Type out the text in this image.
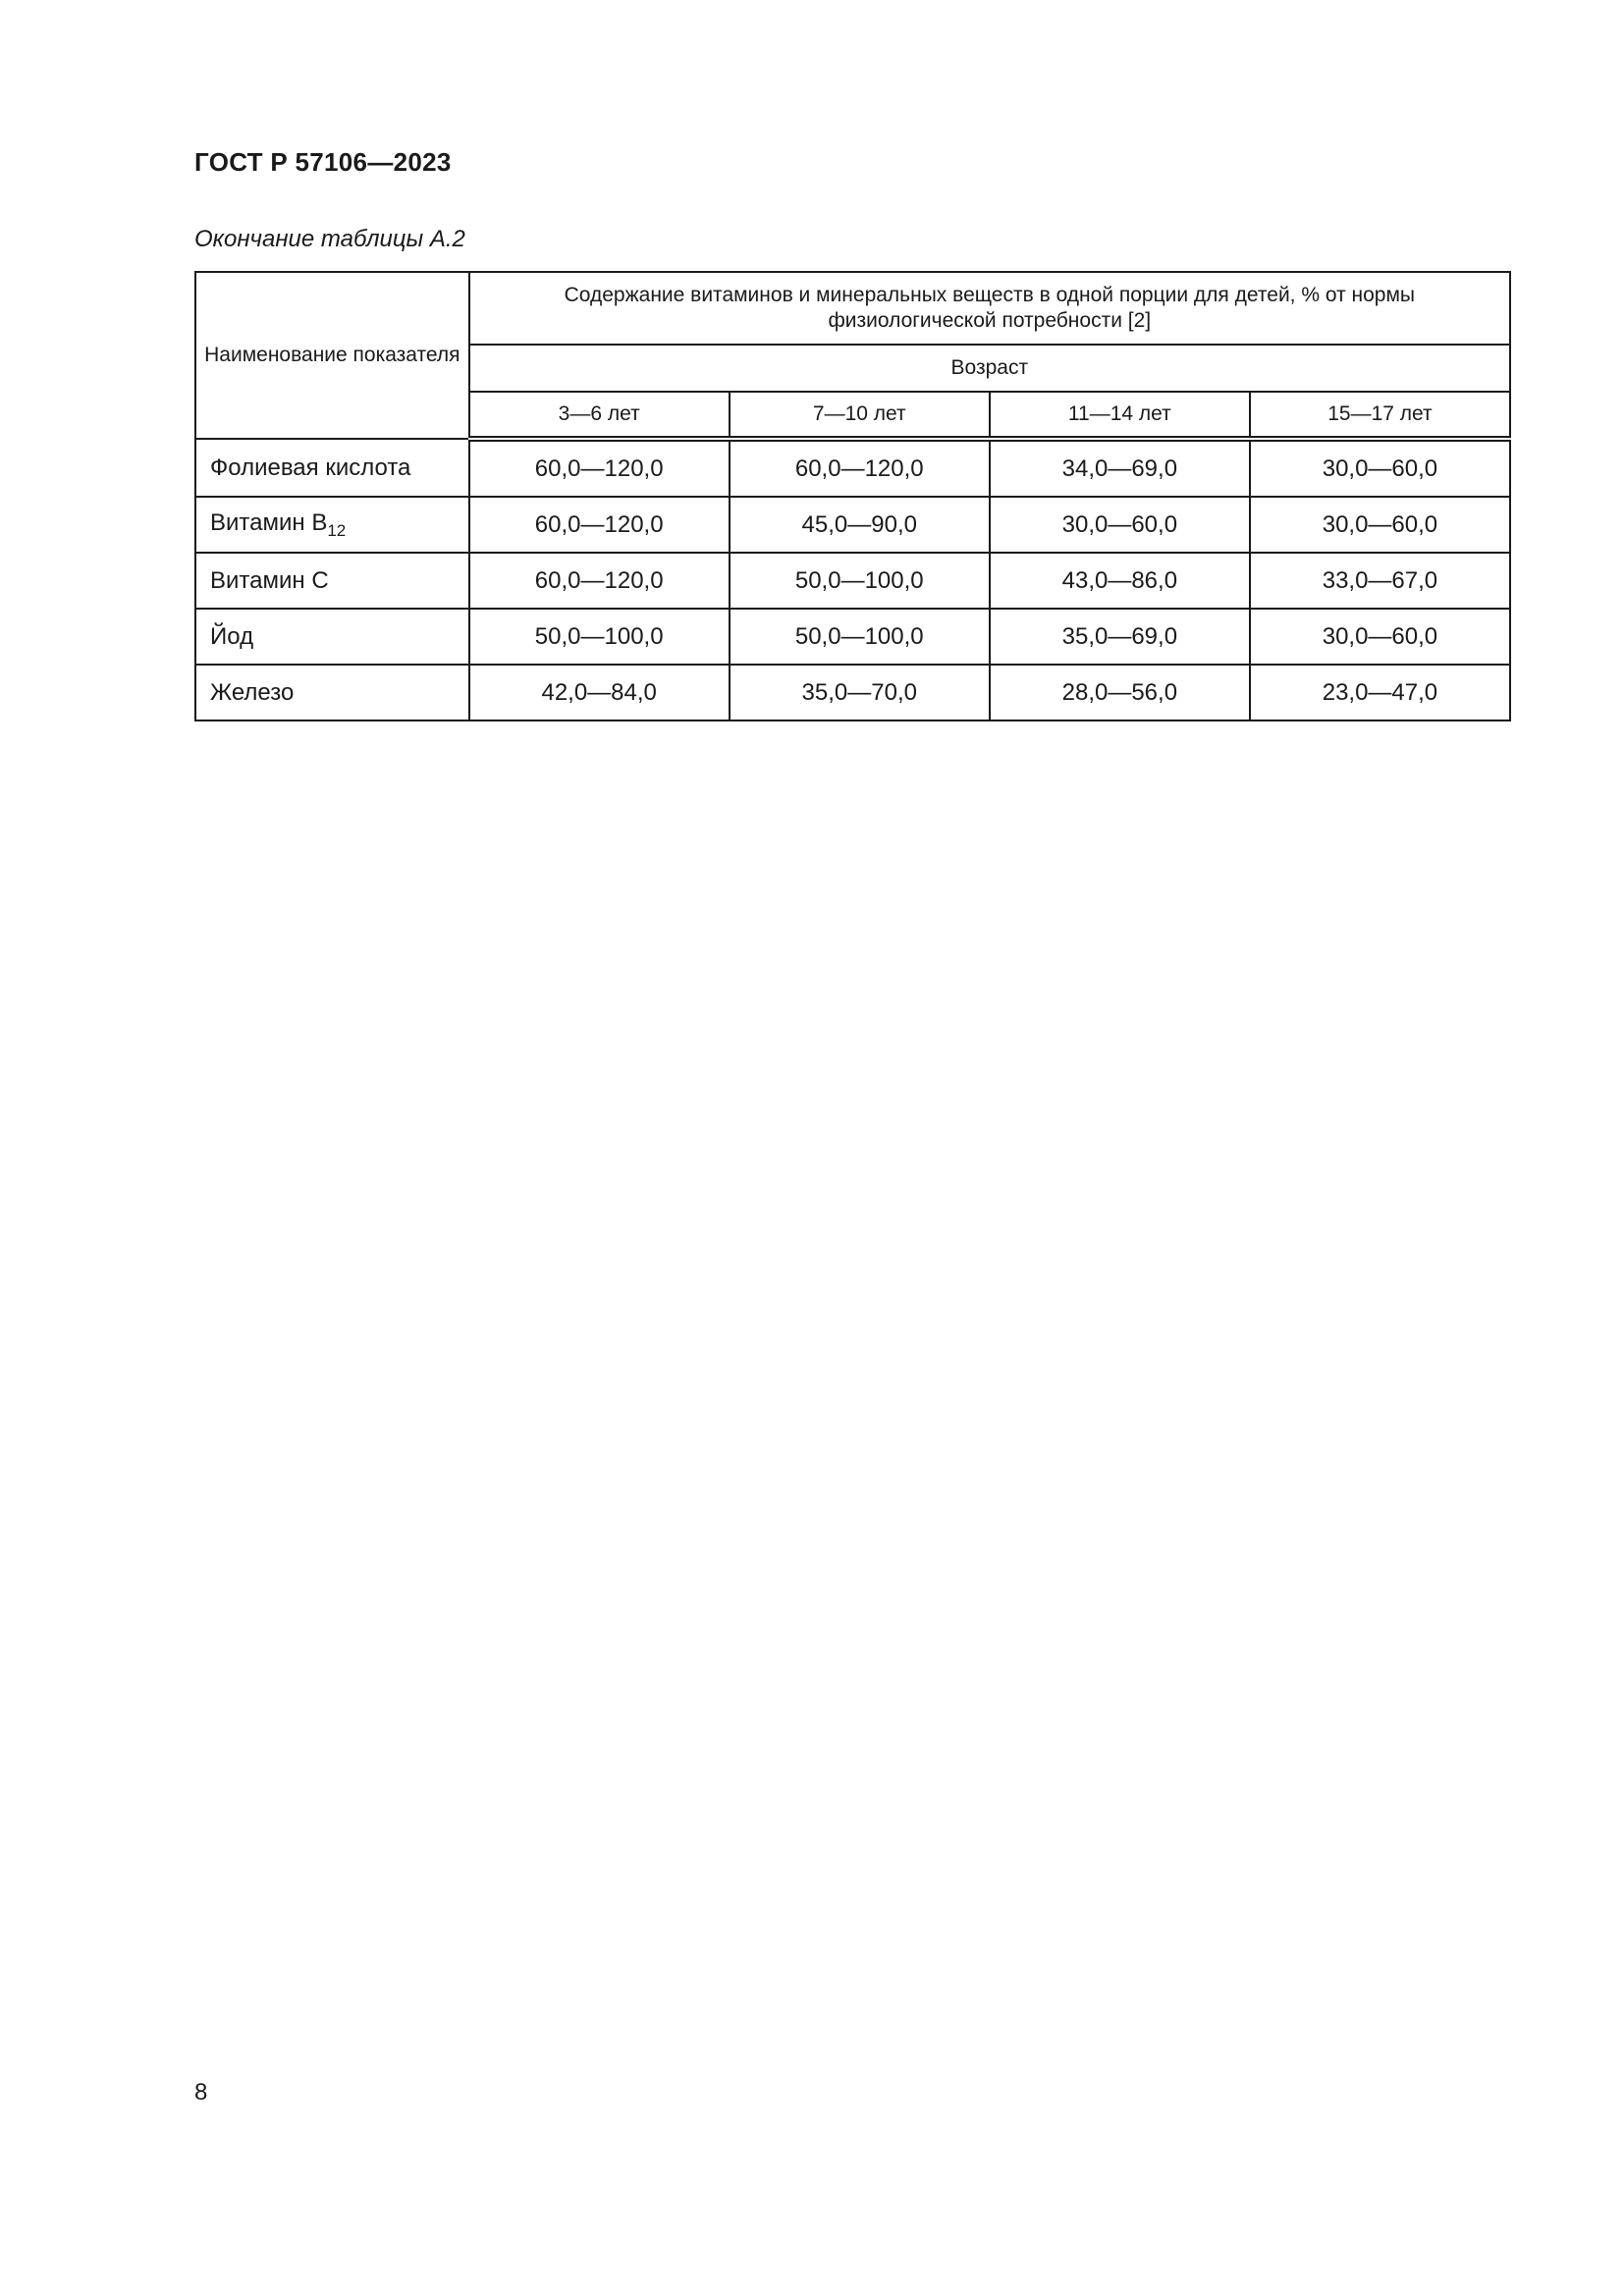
ГОСТ Р 57106—2023
Окончание таблицы А.2
Наименование показателя	Содержание витаминов и минеральных веществ в одной порции для детей, % от нормы физиологической потребности [2]			
	Возраст			
	3—6 лет	7—10 лет	11—14 лет	15—17 лет
Фолиевая кислота	60,0—120,0	60,0—120,0	34,0—69,0	30,0—60,0
Витамин $B_{12}$	60,0—120,0	45,0—90,0	30,0—60,0	30,0—60,0
Витамин С	60,0—120,0	50,0—100,0	43,0—86,0	33,0—67,0
Йод	50,0—100,0	50,0—100,0	35,0—69,0	30,0—60,0
Железо	42,0—84,0	35,0—70,0	28,0—56,0	23,0—47,0
8
